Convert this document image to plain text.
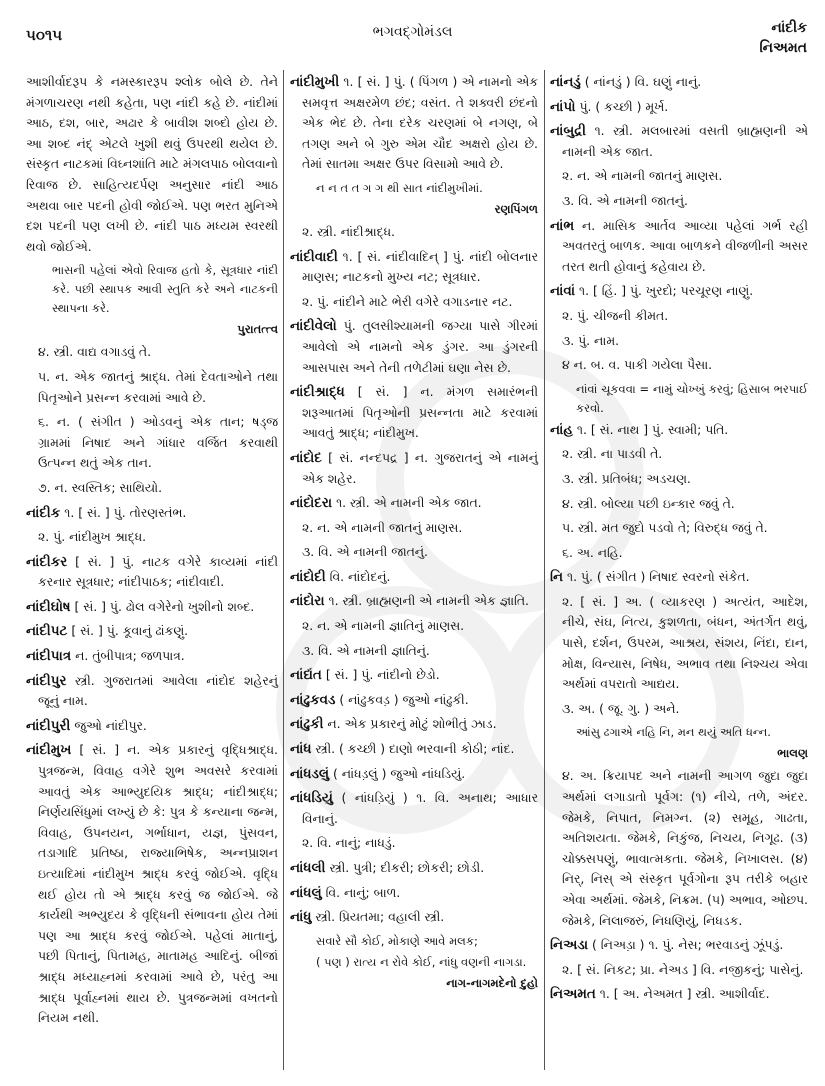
૫૦૧૫	ભગવદ્‌ગોમંડલ	નાંદીક
નિઅમત
આશીર્વાદરૂપ કે નમસ્કારરૂપ શ્લોક બોલે છે. તેને મંગળાચરણ નથી કહેતા, પણ નાંદી કહે છે. નાંદીમાં આઠ, દશ, બાર, અઢાર કે બાવીશ શબ્દો હોય છે. આ શબ્દ નંદ્ એટલે ખુશી થવું ઉપરથી થયેલ છે. સંસ્કૃત નાટકમાં વિઘ્નશાંતિ માટે મંગલપાઠ બોલવાનો રિવાજ છે. સાહિત્યદર્પણ અનુસાર નાંદી આઠ અથવા બાર પદની હોવી જોઈએ. પણ ભરત મુનિએ દશ પદની પણ લખી છે. નાંદી પાઠ મધ્યમ સ્વરથી થવો જોઈએ.
ભાસની પહેલાં એવો રિવાજ હતો કે, સૂત્રધાર નાંદી કરે. પછી સ્થાપક આવી સ્તુતિ કરે અને નાટકની સ્થાપના કરે.
પુરાતત્ત્વ
૪. સ્ત્રી. વાદ્ય વગાડવું તે.
૫. ન. એક જાતનું શ્રાદ્ધ. તેમાં દેવતાઓને તથા પિતૃઓને પ્રસન્ન કરવામાં આવે છે.
૬. ન. ( સંગીત ) ઓડવનું એક તાન; ષડ્જ ગ્રામમાં નિષાદ અને ગાંધાર વર્જિત કરવાથી ઉત્પન્ન થતું એક તાન.
૭. ન. સ્વસ્તિક; સાથિયો.
નાંદીક ૧. [ સં. ] પું. તોરણસ્તંભ.
૨. પું. નાંદીમુખ શ્રાદ્ધ.
નાંદીકર [ સં. ] પું. નાટક વગેરે કાવ્યમાં નાંદી કરનાર સૂત્રધાર; નાંદીપાઠક; નાંદીવાદી.
નાંદીઘોષ [ સં. ] પું. ઢોલ વગેરેનો ખુશીનો શબ્દ.
નાંદીપટ [ સં. ] પું. કૂવાનું ઢાંકણું.
નાંદીપાત્ર ન. તુંબીપાત્ર; જળપાત્ર.
નાંદીપુર સ્ત્રી. ગુજરાતમાં આવેલા નાંદોદ શહેરનું જૂનું નામ.
નાંદીપુરી જુઓ નાંદીપુર.
નાંદીમુખ [ સં. ] ન. એક પ્રકારનું વૃદ્ધિશ્રાદ્ધ. પુત્રજન્મ, વિવાહ વગેરે શુભ અવસરે કરવામાં આવતું એક આભ્યુદયિક શ્રાદ્ધ; નાંદીશ્રાદ્ધ; નિર્ણયસિંધુમાં લખ્યું છે કે: પુત્ર કે કન્યાના જન્મ, વિવાહ, ઉપનયન, ગર્ભાધાન, યજ્ઞ, પુંસવન, તડાગાદિ પ્રતિષ્ઠા, રાજ્યાભિષેક, અન્નપ્રાશન ઇત્યાદિમાં નાંદીમુખ શ્રાદ્ધ કરવું જોઈએ. વૃદ્ધિ થઈ હોય તો એ શ્રાદ્ધ કરવું જ જોઈએ. જે કાર્યથી અભ્યુદય કે વૃદ્ધિની સંભાવના હોય તેમાં પણ આ શ્રાદ્ધ કરવું જોઈએ. પહેલાં માતાનું, પછી પિતાનું, પિતામહ, માતામહ આદિનું. બીજાં શ્રાદ્ધ મધ્યાહ્નમાં કરવામાં આવે છે, પરંતુ આ શ્રાદ્ધ પૂર્વાહ્નમાં થાય છે. પુત્રજન્મમાં વખતનો નિયમ નથી.
નાંદીમુખી ૧. [ સં. ] પું. ( પિંગળ ) એ નામનો એક સમવૃત્ત અક્ષરમેળ છંદ; વસંત. તે શક્વરી છંદનો એક ભેદ છે. તેના દરેક ચરણમાં બે નગણ, બે તગણ અને બે ગુરુ એમ ચૌદ અક્ષરો હોય છે. તેમાં સાતમા અક્ષર ઉપર વિસામો આવે છે.
ન ન ત ત ગ ગ થી સાત નાંદીમુખીમાં.
રણપિંગળ
૨. સ્ત્રી. નાંદીશ્રાદ્ધ.
નાંદીવાદી ૧. [ સં. નાંદીવાદિન્ ] પું. નાંદી બોલનાર માણસ; નાટકનો મુખ્ય નટ; સૂત્રધાર.
૨. પું. નાંદીને માટે ભેરી વગેરે વગાડનાર નટ.
નાંદીવેલો પું. તુલસીશ્યામની જગ્યા પાસે ગીરમાં આવેલો એ નામનો એક ડુંગર. આ ડુંગરની આસપાસ અને તેની તળેટીમાં ઘણા નેસ છે.
નાંદીશ્રાદ્ધ [ સં. ] ન. મંગળ સમારંભની શરૂઆતમાં પિતૃઓની પ્રસન્નતા માટે કરવામાં આવતું શ્રાદ્ધ; નાંદીમુખ.
નાંદોદ [ સં. નન્દપદ્ર ] ન. ગુજરાતનું એ નામનું એક શહેર.
નાંદોદરા ૧. સ્ત્રી. એ નામની એક જાત.
૨. ન. એ નામની જાતનું માણસ.
૩. વિ. એ નામની જાતનું.
નાંદોદી વિ. નાંદોદનું.
નાંદોરા ૧. સ્ત્રી. બ્રાહ્મણની એ નામની એક જ્ઞાતિ.
૨. ન. એ નામની જ્ઞાતિનું માણસ.
૩. વિ. એ નામની જ્ઞાતિનું.
નાંદ્યંત [ સં. ] પું. નાંદીનો છેડો.
નાંઢુકવડ ( નાંઢુકવડ઼ ) જુઓ નાંઢુકી.
નાંઢુકી ન. એક પ્રકારનું મોટું શોભીતું ઝાડ.
નાંધ સ્ત્રી. ( કચ્છી ) દાણો ભરવાની કોઠી; નાંદ.
નાંધડલું ( નાંધડ઼લું ) જુઓ નાંધડિયું.
નાંધડિયું ( નાંધડ઼િયું ) ૧. વિ. અનાથ; આધાર વિનાનું.
૨. વિ. નાનું; નાધડું.
નાંધલી સ્ત્રી. પુત્રી; દીકરી; છોકરી; છોડી.
નાંધલું વિ. નાનું; બાળ.
નાંધુ સ્ત્રી. પ્રિયતમા; વહાલી સ્ત્રી.
સવારે સૌ કોઈ, મોકાણે આવે મલક;
( પણ ) રાત્ય ન રોવે કોઈ, નાંધુ વણની નાગડા.
નાગ-નાગમદેનો દુહો
નાંનડું ( નાંનડ઼ું ) વિ. ઘણું નાનું.
નાંપો પું. ( કચ્છી ) મૂર્ખ.
નાંબુદ્રી ૧. સ્ત્રી. મલબારમાં વસતી બ્રાહ્મણની એ નામની એક જાત.
૨. ન. એ નામની જાતનું માણસ.
૩. વિ. એ નામની જાતનું.
નાંભ ન. માસિક આર્તવ આવ્યા પહેલાં ગર્ભ રહી અવતરતું બાળક. આવા બાળકને વીજળીની અસર તરત થતી હોવાનું કહેવાય છે.
નાંવાં ૧. [ હિં. ] પું. ખુરદો; પરચૂરણ નાણું.
૨. પું. ચીજની કીમત.
૩. પું. નામ.
૪ ન. બ. વ. પાકી ગયેલા પૈસા.
નાંવાં ચૂકવવા = નામું ચોખ્ખું કરવું; હિસાબ ભરપાઈ કરવો.
નાંહ ૧. [ સં. નાથ ] પું. સ્વામી; પતિ.
૨. સ્ત્રી. ના પાડવી તે.
૩. સ્ત્રી. પ્રતિબંધ; અડચણ.
૪. સ્ત્રી. બોલ્યા પછી ઇન્કાર જવું તે.
૫. સ્ત્રી. મત જુદો પડવો તે; વિરુદ્ધ જવું તે.
૬. અ. નહિ.
નિ ૧. પું. ( સંગીત ) નિષાદ સ્વરનો સંકેત.
૨. [ સં. ] અ. ( વ્યાકરણ ) અત્યંત, આદેશ, નીચે, સંઘ, નિત્ય, કુશળતા, બંધન, અંતર્ગત થવું, પાસે, દર્શન, ઉપરમ, આશ્રય, સંશય, નિંદા, દાન, મોક્ષ, વિન્યાસ, નિષેધ, અભાવ તથા નિશ્ચય એવા અર્થમાં વપરાતો આદ્યય.
૩. અ. ( જૂ. ગુ. ) અને.
આંસુ ઢગાએ નહિ નિ, મન થયું અતિ ધન્ન.
ભાલણ
૪. અ. ક્રિયાપદ અને નામની આગળ જુદા જુદા અર્થમાં લગાડાતો પૂર્વગ: (૧) નીચે, તળે, અંદર. જેમકે, નિપાત, નિમગ્ન. (૨) સમૂહ, ગાઢતા, અતિશયતા. જેમકે, નિકુંજ, નિચય, નિગૂઢ. (૩) ચોક્કસપણું, ભાવાત્મકતા. જેમકે, નિખાલસ. (૪) નિર્, નિસ્ એ સંસ્કૃત પૂર્વગોના રૂપ તરીકે બહાર એવા અર્થમાં. જેમકે, નિક્રમ. (૫) અભાવ, ઓછપ. જેમકે, નિલાજરું, નિધણિયું, નિધડક.
નિઅડા ( નિઅડ઼ા ) ૧. પું. નેસ; ભરવાડનું ઝૂંપડું.
૨. [ સં. નિકટ; પ્રા. નેઅડ ] વિ. નજીકનું; પાસેનું.
નિઅમત ૧. [ અ. નેઅમત ] સ્ત્રી. આશીર્વાદ.
